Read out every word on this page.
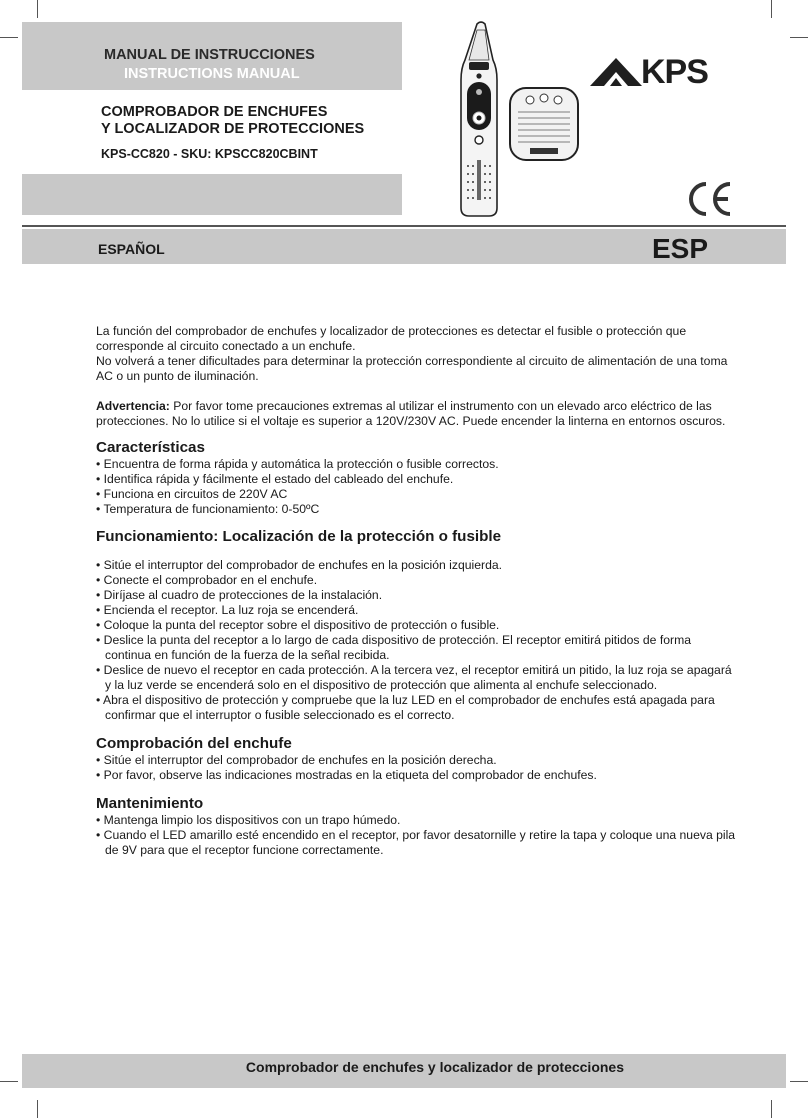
MANUAL DE INSTRUCCIONES
INSTRUCTIONS MANUAL
COMPROBADOR DE ENCHUFES
Y LOCALIZADOR DE PROTECCIONES
KPS-CC820 - SKU: KPSCC820CBINT
KPS
ESPAÑOL	ESP

La función del comprobador de enchufes y localizador de protecciones es detectar el fusible o protección que corresponde al circuito conectado a un enchufe.

No volverá a tener dificultades para determinar la protección correspondiente al circuito de alimentación de una toma AC o un punto de iluminación.

Advertencia: Por favor tome precauciones extremas al utilizar el instrumento con un elevado arco eléctrico de las protecciones. No lo utilice si el voltaje es superior a 120V/230V AC. Puede encender la linterna en entornos oscuros.

Características
• Encuentra de forma rápida y automática la protección o fusible correctos.
• Identifica rápida y fácilmente el estado del cableado del enchufe.
• Funciona en circuitos de 220V AC
• Temperatura de funcionamiento: 0-50ºC
Funcionamiento: Localización de la protección o fusible
• Sitúe el interruptor del comprobador de enchufes en la posición izquierda.
• Conecte el comprobador en el enchufe.
• Diríjase al cuadro de protecciones de la instalación.
• Encienda el receptor. La luz roja se encenderá.
• Coloque la punta del receptor sobre el dispositivo de protección o fusible.
• Deslice la punta del receptor a lo largo de cada dispositivo de protección. El receptor emitirá pitidos de forma continua en función de la fuerza de la señal recibida.
• Deslice de nuevo el receptor en cada protección. A la tercera vez, el receptor emitirá un pitido, la luz roja se apagará y la luz verde se encenderá solo en el dispositivo de protección que alimenta al enchufe seleccionado.
• Abra el dispositivo de protección y compruebe que la luz LED en el comprobador de enchufes está apagada para confirmar que el interruptor o fusible seleccionado es el correcto.
Comprobación del enchufe
• Sitúe el interruptor del comprobador de enchufes en la posición derecha.
• Por favor, observe las indicaciones mostradas en la etiqueta del comprobador de enchufes.
Mantenimiento
• Mantenga limpio los dispositivos con un trapo húmedo.
• Cuando el LED amarillo esté encendido en el receptor, por favor desatornille y retire la tapa y coloque una nueva pila de 9V para que el receptor funcione correctamente.
Comprobador de enchufes y localizador de protecciones
